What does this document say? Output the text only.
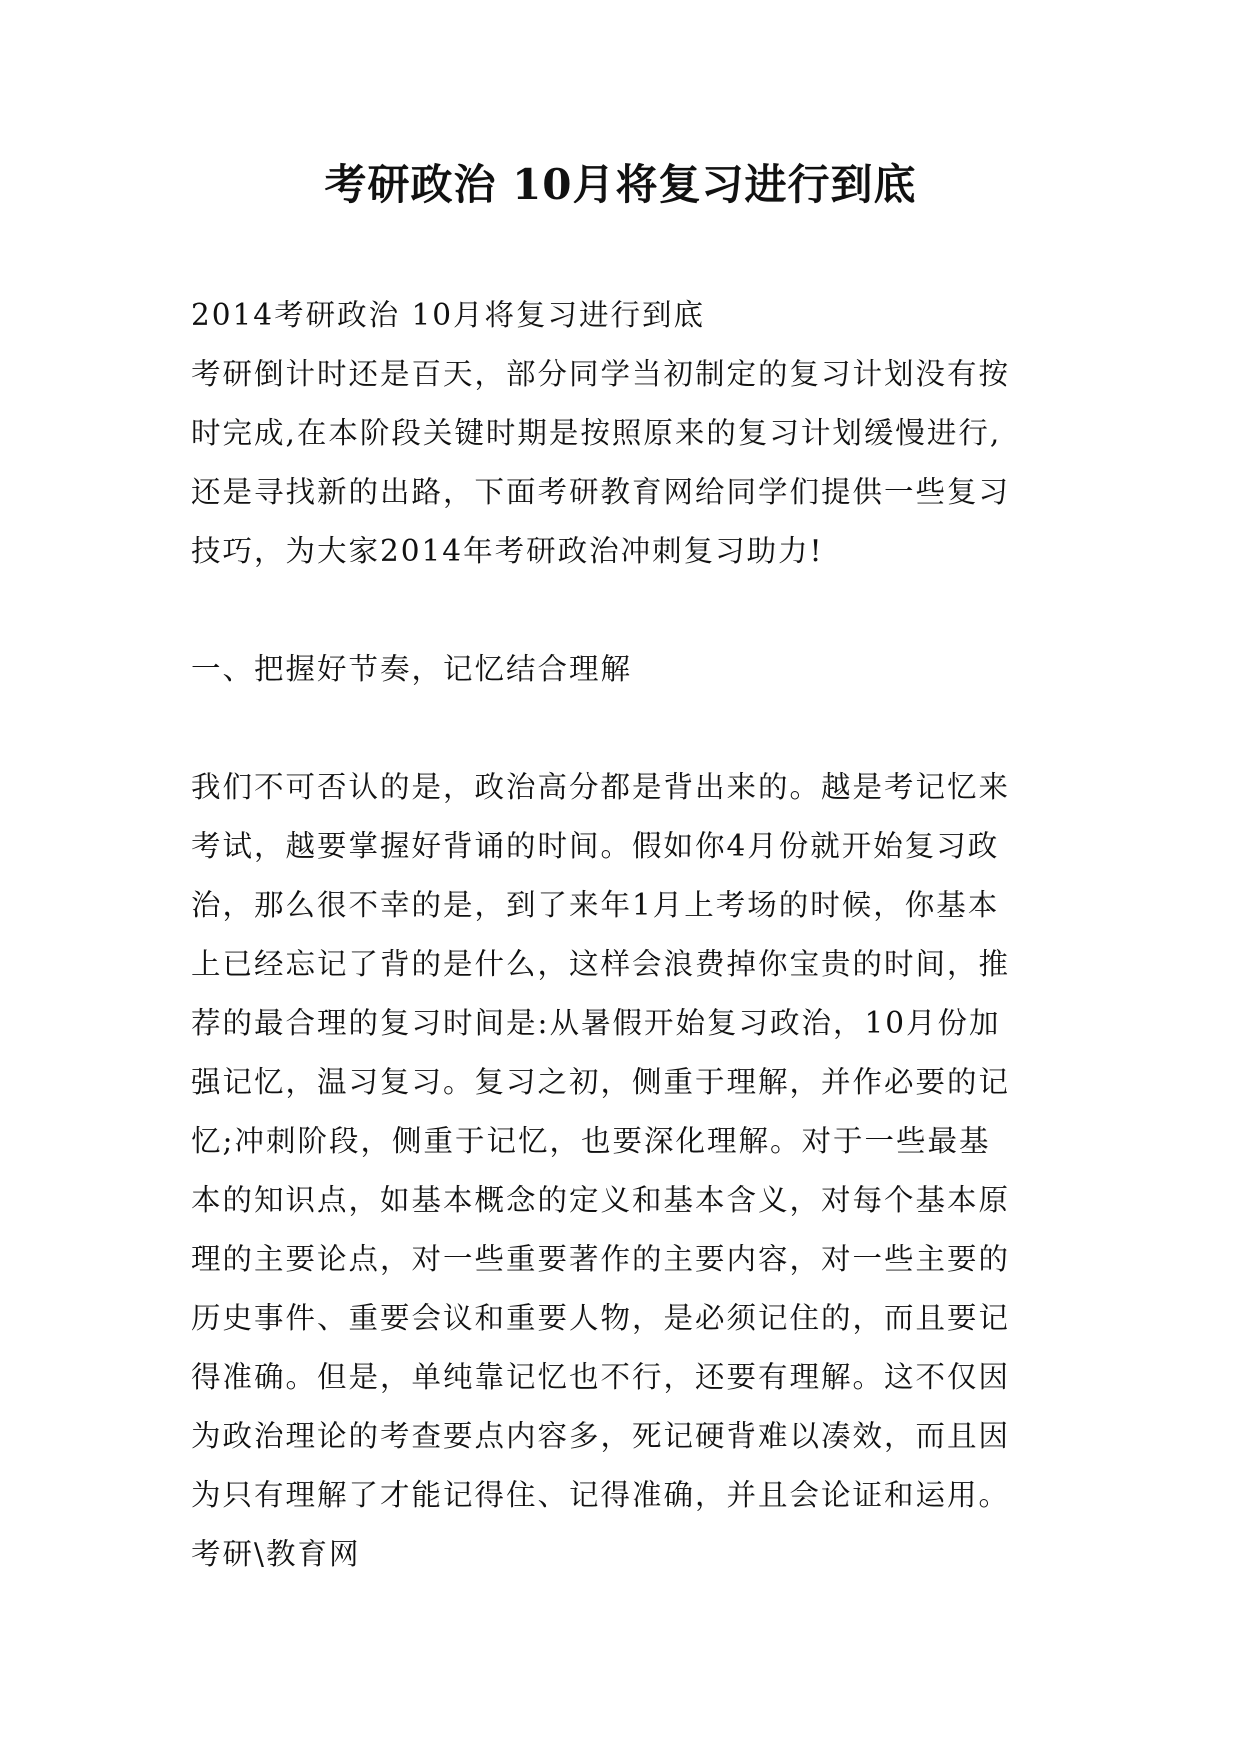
考研政治 10月将复习进行到底
2014考研政治 10月将复习进行到底
考研倒计时还是百天，部分同学当初制定的复习计划没有按
时完成,在本阶段关键时期是按照原来的复习计划缓慢进行,
还是寻找新的出路，下面考研教育网给同学们提供一些复习
技巧，为大家2014年考研政治冲刺复习助力!
一、把握好节奏，记忆结合理解
我们不可否认的是，政治高分都是背出来的。越是考记忆来
考试，越要掌握好背诵的时间。假如你4月份就开始复习政
治，那么很不幸的是，到了来年1月上考场的时候，你基本
上已经忘记了背的是什么，这样会浪费掉你宝贵的时间，推
荐的最合理的复习时间是:从暑假开始复习政治，10月份加
强记忆，温习复习。复习之初，侧重于理解，并作必要的记
忆;冲刺阶段，侧重于记忆，也要深化理解。对于一些最基
本的知识点，如基本概念的定义和基本含义，对每个基本原
理的主要论点，对一些重要著作的主要内容，对一些主要的
历史事件、重要会议和重要人物，是必须记住的，而且要记
得准确。但是，单纯靠记忆也不行，还要有理解。这不仅因
为政治理论的考查要点内容多，死记硬背难以凑效，而且因
为只有理解了才能记得住、记得准确，并且会论证和运用。
考研\教育网
